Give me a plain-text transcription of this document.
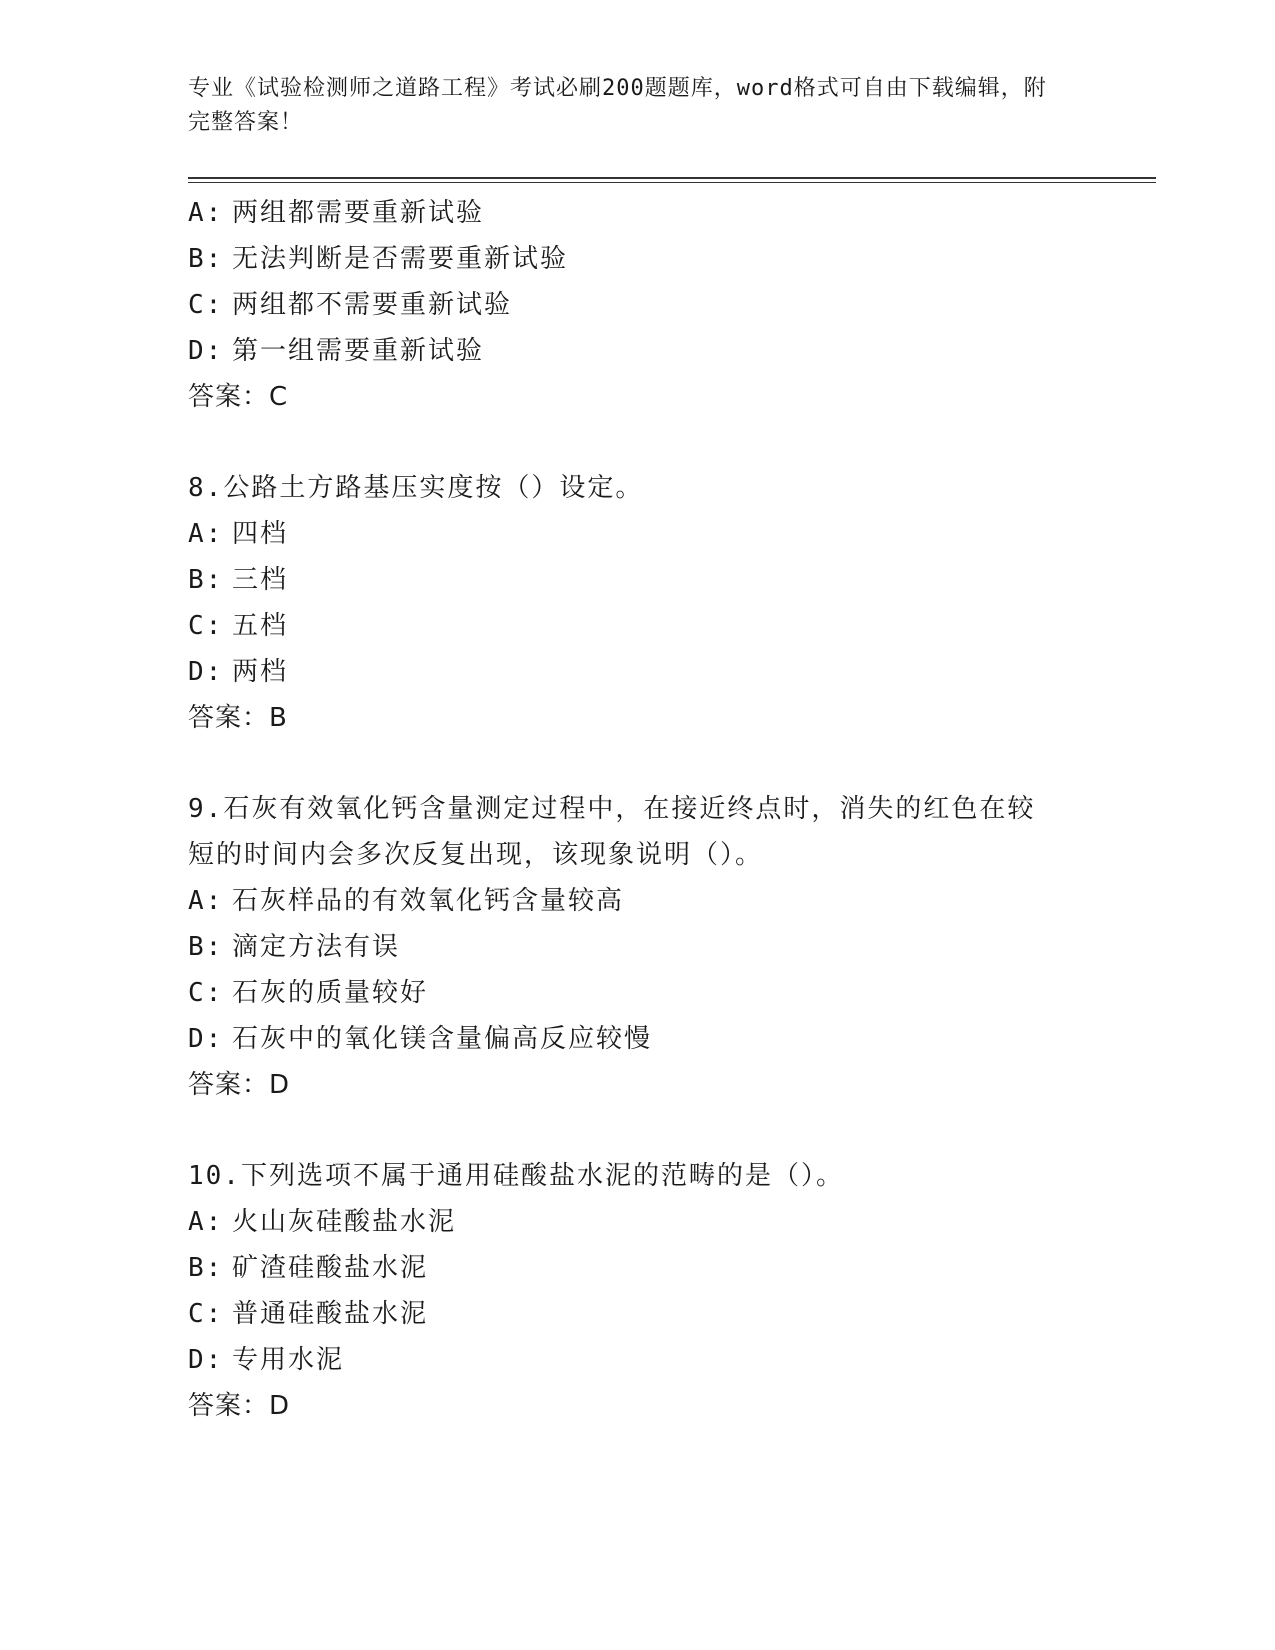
专业《试验检测师之道路工程》考试必刷200题题库，word格式可自由下载编辑，附完整答案！
A: 两组都需要重新试验
B: 无法判断是否需要重新试验
C: 两组都不需要重新试验
D: 第一组需要重新试验
答案：C
8.公路土方路基压实度按（）设定。
A: 四档
B: 三档
C: 五档
D: 两档
答案：B
9.石灰有效氧化钙含量测定过程中，在接近终点时，消失的红色在较
短的时间内会多次反复出现，该现象说明（）。
A: 石灰样品的有效氧化钙含量较高
B: 滴定方法有误
C: 石灰的质量较好
D: 石灰中的氧化镁含量偏高反应较慢
答案：D
10.下列选项不属于通用硅酸盐水泥的范畴的是（）。
A: 火山灰硅酸盐水泥
B: 矿渣硅酸盐水泥
C: 普通硅酸盐水泥
D: 专用水泥
答案：D
